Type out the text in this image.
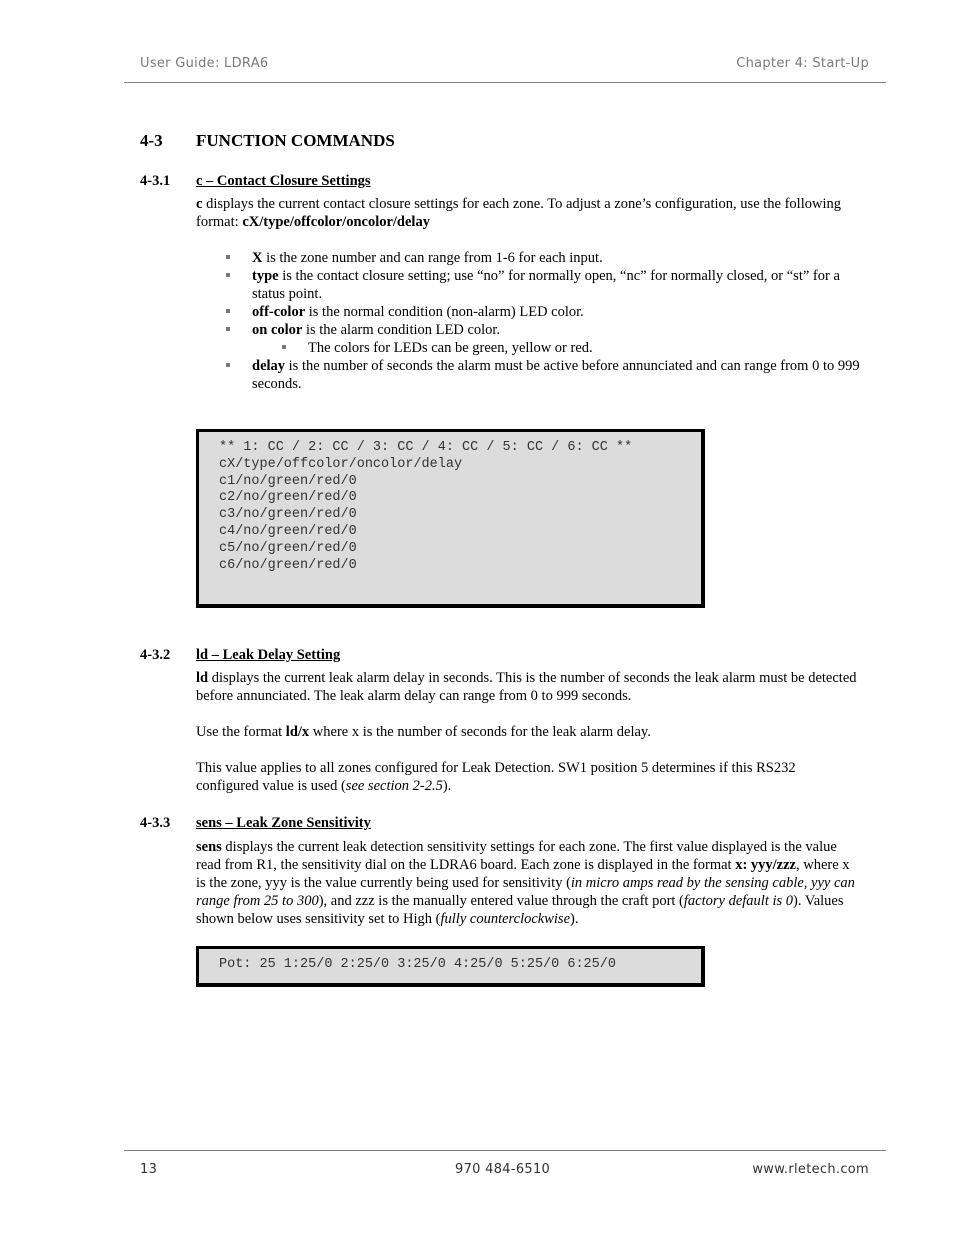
User Guide: LDRA6	Chapter 4: Start-Up
4-3 FUNCTION COMMANDS
4-3.1 c – Contact Closure Settings
c displays the current contact closure settings for each zone. To adjust a zone’s configuration, use the following format: cX/type/offcolor/oncolor/delay
X is the zone number and can range from 1-6 for each input.
type is the contact closure setting; use “no” for normally open, “nc” for normally closed, or “st” for a status point.
off-color is the normal condition (non-alarm) LED color.
on color is the alarm condition LED color.
The colors for LEDs can be green, yellow or red.
delay is the number of seconds the alarm must be active before annunciated and can range from 0 to 999 seconds.
** 1: CC / 2: CC / 3: CC / 4: CC / 5: CC / 6: CC **
cX/type/offcolor/oncolor/delay
c1/no/green/red/0
c2/no/green/red/0
c3/no/green/red/0
c4/no/green/red/0
c5/no/green/red/0
c6/no/green/red/0
4-3.2 ld – Leak Delay Setting
ld displays the current leak alarm delay in seconds. This is the number of seconds the leak alarm must be detected before annunciated. The leak alarm delay can range from 0 to 999 seconds.
Use the format ld/x where x is the number of seconds for the leak alarm delay.
This value applies to all zones configured for Leak Detection. SW1 position 5 determines if this RS232 configured value is used (see section 2-2.5).
4-3.3 sens – Leak Zone Sensitivity
sens displays the current leak detection sensitivity settings for each zone. The first value displayed is the value read from R1, the sensitivity dial on the LDRA6 board. Each zone is displayed in the format x: yyy/zzz, where x is the zone, yyy is the value currently being used for sensitivity (in micro amps read by the sensing cable, yyy can range from 25 to 300), and zzz is the manually entered value through the craft port (factory default is 0). Values shown below uses sensitivity set to High (fully counterclockwise).
Pot: 25 1:25/0 2:25/0 3:25/0 4:25/0 5:25/0 6:25/0
13	970 484-6510	www.rletech.com
